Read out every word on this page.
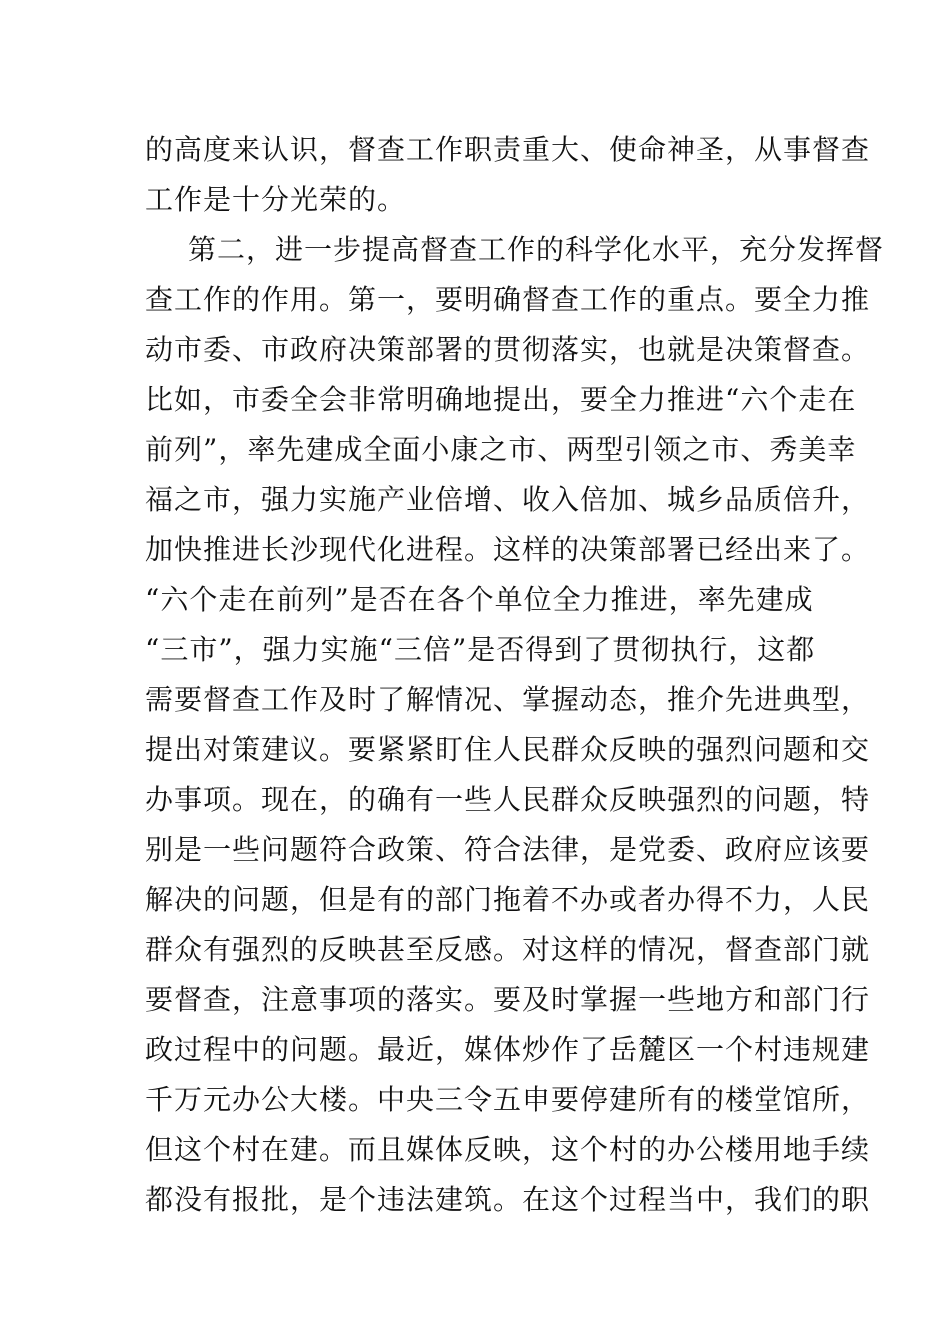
的高度来认识，督查工作职责重大、使命神圣，从事督查
工作是十分光荣的。
第二，进一步提高督查工作的科学化水平，充分发挥督
查工作的作用。第一，要明确督查工作的重点。要全力推
动市委、市政府决策部署的贯彻落实，也就是决策督查。
比如，市委全会非常明确地提出，要全力推进“六个走在
前列”，率先建成全面小康之市、两型引领之市、秀美幸
福之市，强力实施产业倍增、收入倍加、城乡品质倍升，
加快推进长沙现代化进程。这样的决策部署已经出来了。
“六个走在前列”是否在各个单位全力推进，率先建成
“三市”，强力实施“三倍”是否得到了贯彻执行，这都
需要督查工作及时了解情况、掌握动态，推介先进典型，
提出对策建议。要紧紧盯住人民群众反映的强烈问题和交
办事项。现在，的确有一些人民群众反映强烈的问题，特
别是一些问题符合政策、符合法律，是党委、政府应该要
解决的问题，但是有的部门拖着不办或者办得不力，人民
群众有强烈的反映甚至反感。对这样的情况，督查部门就
要督查，注意事项的落实。要及时掌握一些地方和部门行
政过程中的问题。最近，媒体炒作了岳麓区一个村违规建
千万元办公大楼。中央三令五申要停建所有的楼堂馆所，
但这个村在建。而且媒体反映，这个村的办公楼用地手续
都没有报批，是个违法建筑。在这个过程当中，我们的职
